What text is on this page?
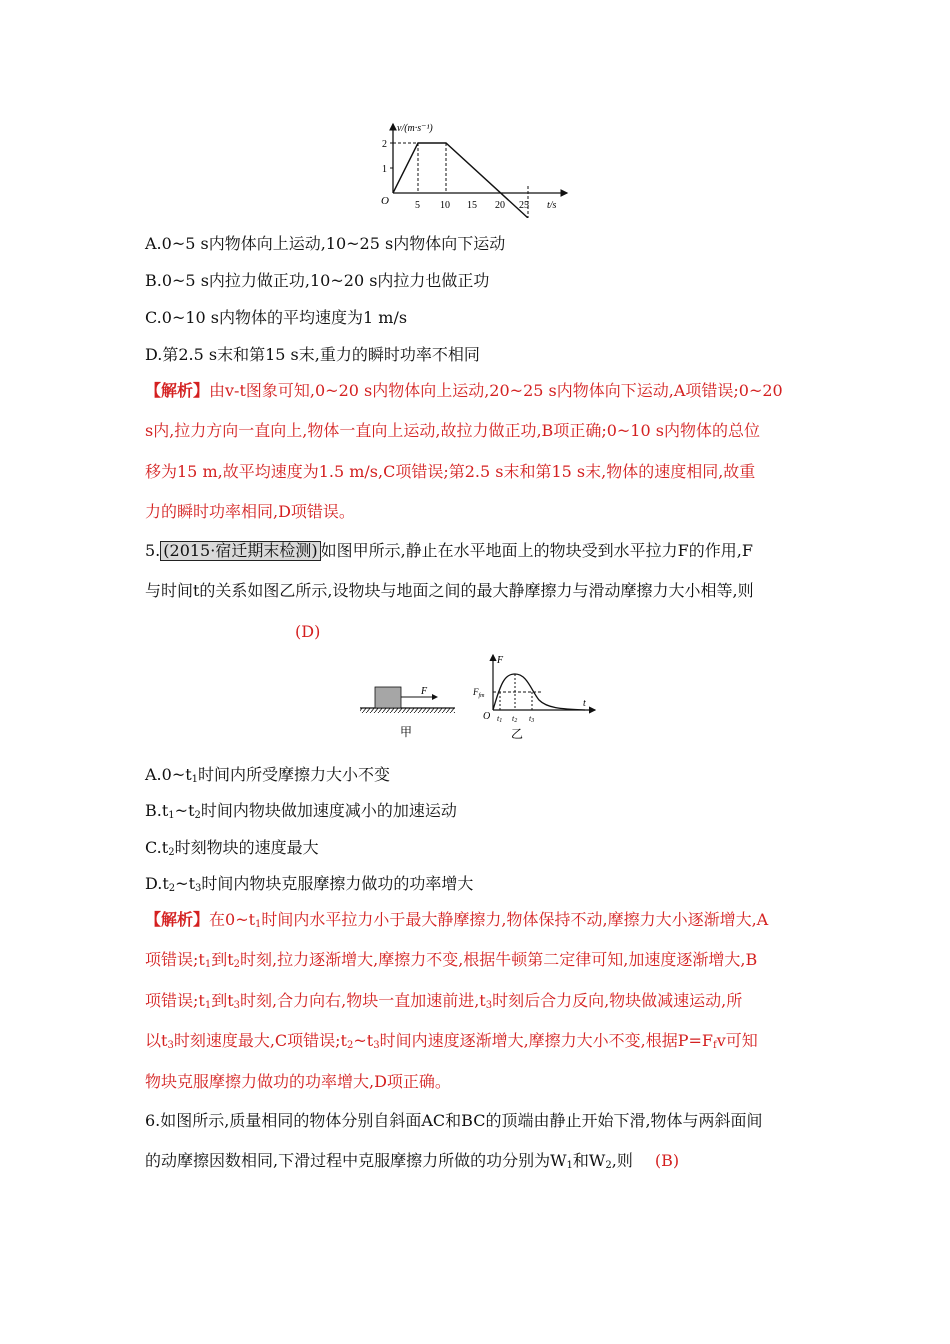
v/(m·s⁻¹)
O
1
2
5 10 15 20 25 t/s
A.0~5 s内物体向上运动,10~25 s内物体向下运动
B.0~5 s内拉力做正功,10~20 s内拉力也做正功
C.0~10 s内物体的平均速度为1 m/s
D.第2.5 s末和第15 s末,重力的瞬时功率不相同
【解析】由v-t图象可知,0~20 s内物体向上运动,20~25 s内物体向下运动,A项错误;0~20
s内,拉力方向一直向上,物体一直向上运动,故拉力做正功,B项正确;0~10 s内物体的总位
移为15 m,故平均速度为1.5 m/s,C项错误;第2.5 s末和第15 s末,物体的速度相同,故重
力的瞬时功率相同,D项错误。
5. (2015·宿迁期末检测) 如图甲所示,静止在水平地面上的物块受到水平拉力F的作用,F
与时间t的关系如图乙所示,设物块与地面之间的最大静摩擦力与滑动摩擦力大小相等,则
(D)
F
甲
F
t
O
$F_{fm}$
t1 t2 t3
乙
$A.0\sim t_1$时间内所受摩擦力大小不变
$B.t_1\sim t_2$时间内物块做加速度减小的加速运动
$C.t_2$时刻物块的速度最大
$D.t_2\sim t_3$时间内物块克服摩擦力做功的功率增大
【解析】在$0\sim t_1$时间内水平拉力小于最大静摩擦力,物体保持不动,摩擦力大小逐渐增大,A
项错误$;t_1$到$t_2$时刻,拉力逐渐增大,摩擦力不变,根据牛顿第二定律可知,加速度逐渐增大,B
项错误$;t_1$到$t_3$时刻,合力向右,物块一直加速前进$,t_3$时刻后合力反向,物块做减速运动,所
以$t_3$时刻速度最大,C项错误$;t_2\sim t_3$时间内速度逐渐增大,摩擦力大小不变,根据$P=F_fv$可知
物块克服摩擦力做功的功率增大,D项正确。
6.如图所示,质量相同的物体分别自斜面AC和BC的顶端由静止开始下滑,物体与两斜面间
的动摩擦因数相同,下滑过程中克服摩擦力所做的功分别为$W_1$和$W_2$,则 (B)
